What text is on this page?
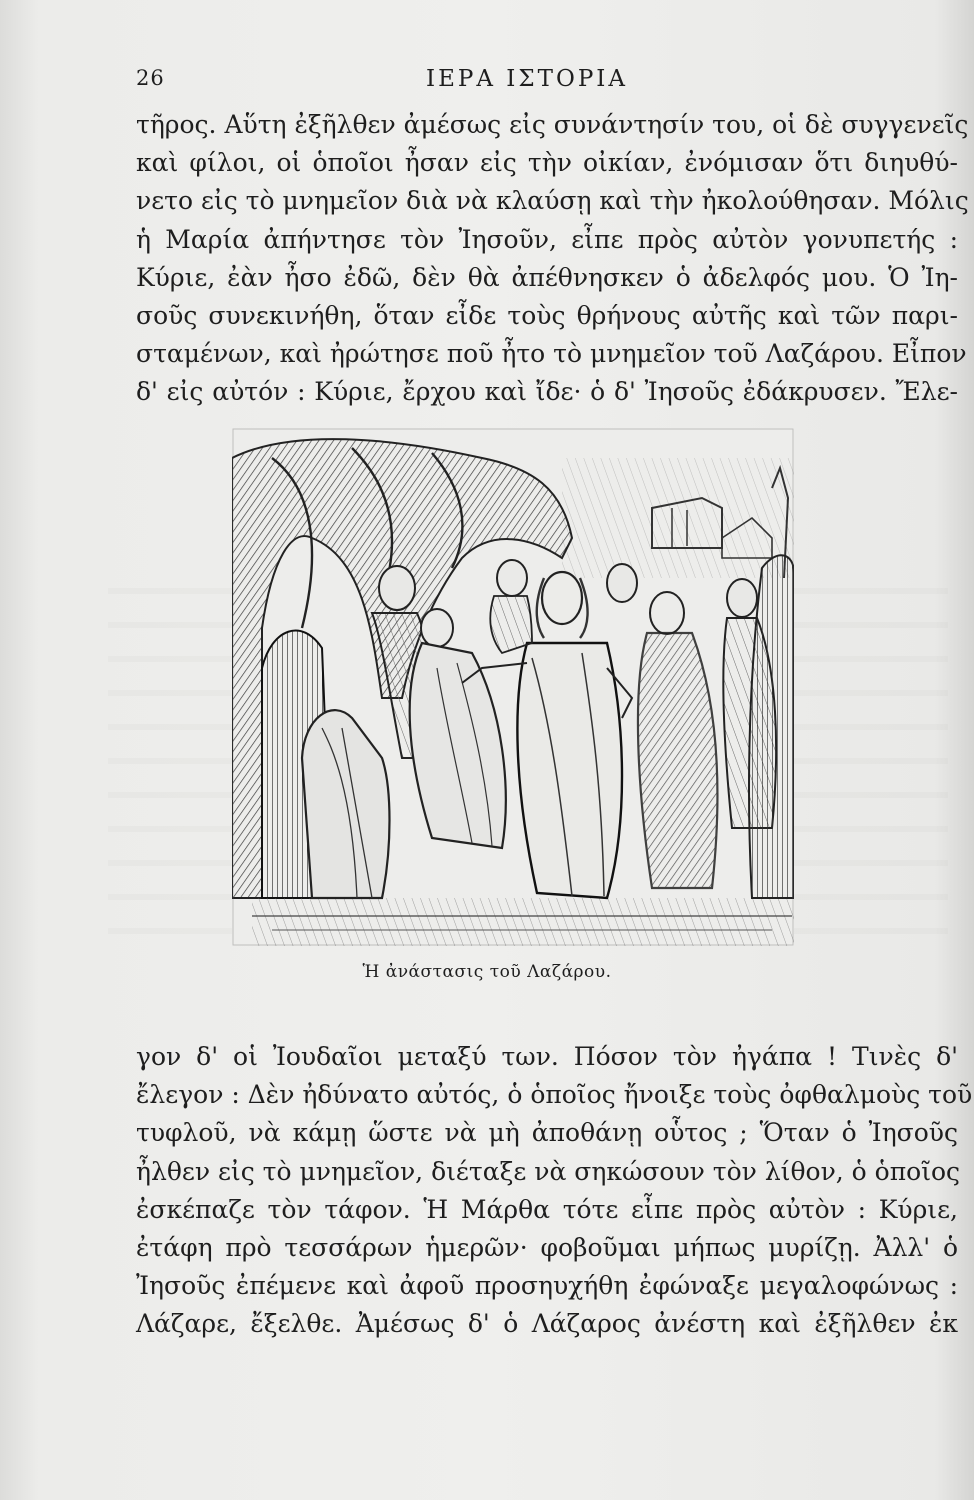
26	ΙΕΡΑ ΙΣΤΟΡΙΑ
τῆρος. Αὕτη ἐξῆλθεν ἀμέσως εἰς συνάντησίν του, οἱ δὲ συγγενεῖς
καὶ φίλοι, οἱ ὁποῖοι ἦσαν εἰς τὴν οἰκίαν, ἐνόμισαν ὅτι διηυθύ-
νετο εἰς τὸ μνημεῖον διὰ νὰ κλαύσῃ καὶ τὴν ἠκολούθησαν. Μόλις
ἡ Μαρία ἀπήντησε τὸν Ἰησοῦν, εἶπε πρὸς αὐτὸν γονυπετής :
Κύριε, ἐὰν ἦσο ἐδῶ, δὲν θὰ ἀπέθνησκεν ὁ ἀδελφός μου. Ὁ Ἰη-
σοῦς συνεκινήθη, ὅταν εἶδε τοὺς θρήνους αὐτῆς καὶ τῶν παρι-
σταμένων, καὶ ἠρώτησε ποῦ ἦτο τὸ μνημεῖον τοῦ Λαζάρου. Εἶπον
δ' εἰς αὐτόν : Κύριε, ἔρχου καὶ ἴδε· ὁ δ' Ἰησοῦς ἐδάκρυσεν. Ἔλε-
Ἡ ἀνάστασις τοῦ Λαζάρου.
γον δ' οἱ Ἰουδαῖοι μεταξύ των. Πόσον τὸν ἠγάπα ! Τινὲς δ'
ἔλεγον : Δὲν ἠδύνατο αὐτός, ὁ ὁποῖος ἤνοιξε τοὺς ὀφθαλμοὺς τοῦ
τυφλοῦ, νὰ κάμῃ ὥστε νὰ μὴ ἀποθάνῃ οὗτος ; Ὅταν ὁ Ἰησοῦς
ἦλθεν εἰς τὸ μνημεῖον, διέταξε νὰ σηκώσουν τὸν λίθον, ὁ ὁποῖος
ἐσκέπαζε τὸν τάφον. Ἡ Μάρθα τότε εἶπε πρὸς αὐτὸν : Κύριε,
ἐτάφη πρὸ τεσσάρων ἡμερῶν· φοβοῦμαι μήπως μυρίζῃ. Ἀλλ' ὁ
Ἰησοῦς ἐπέμενε καὶ ἀφοῦ προσηυχήθη ἐφώναξε μεγαλοφώνως :
Λάζαρε, ἔξελθε. Ἀμέσως δ' ὁ Λάζαρος ἀνέστη καὶ ἐξῆλθεν ἐκ
